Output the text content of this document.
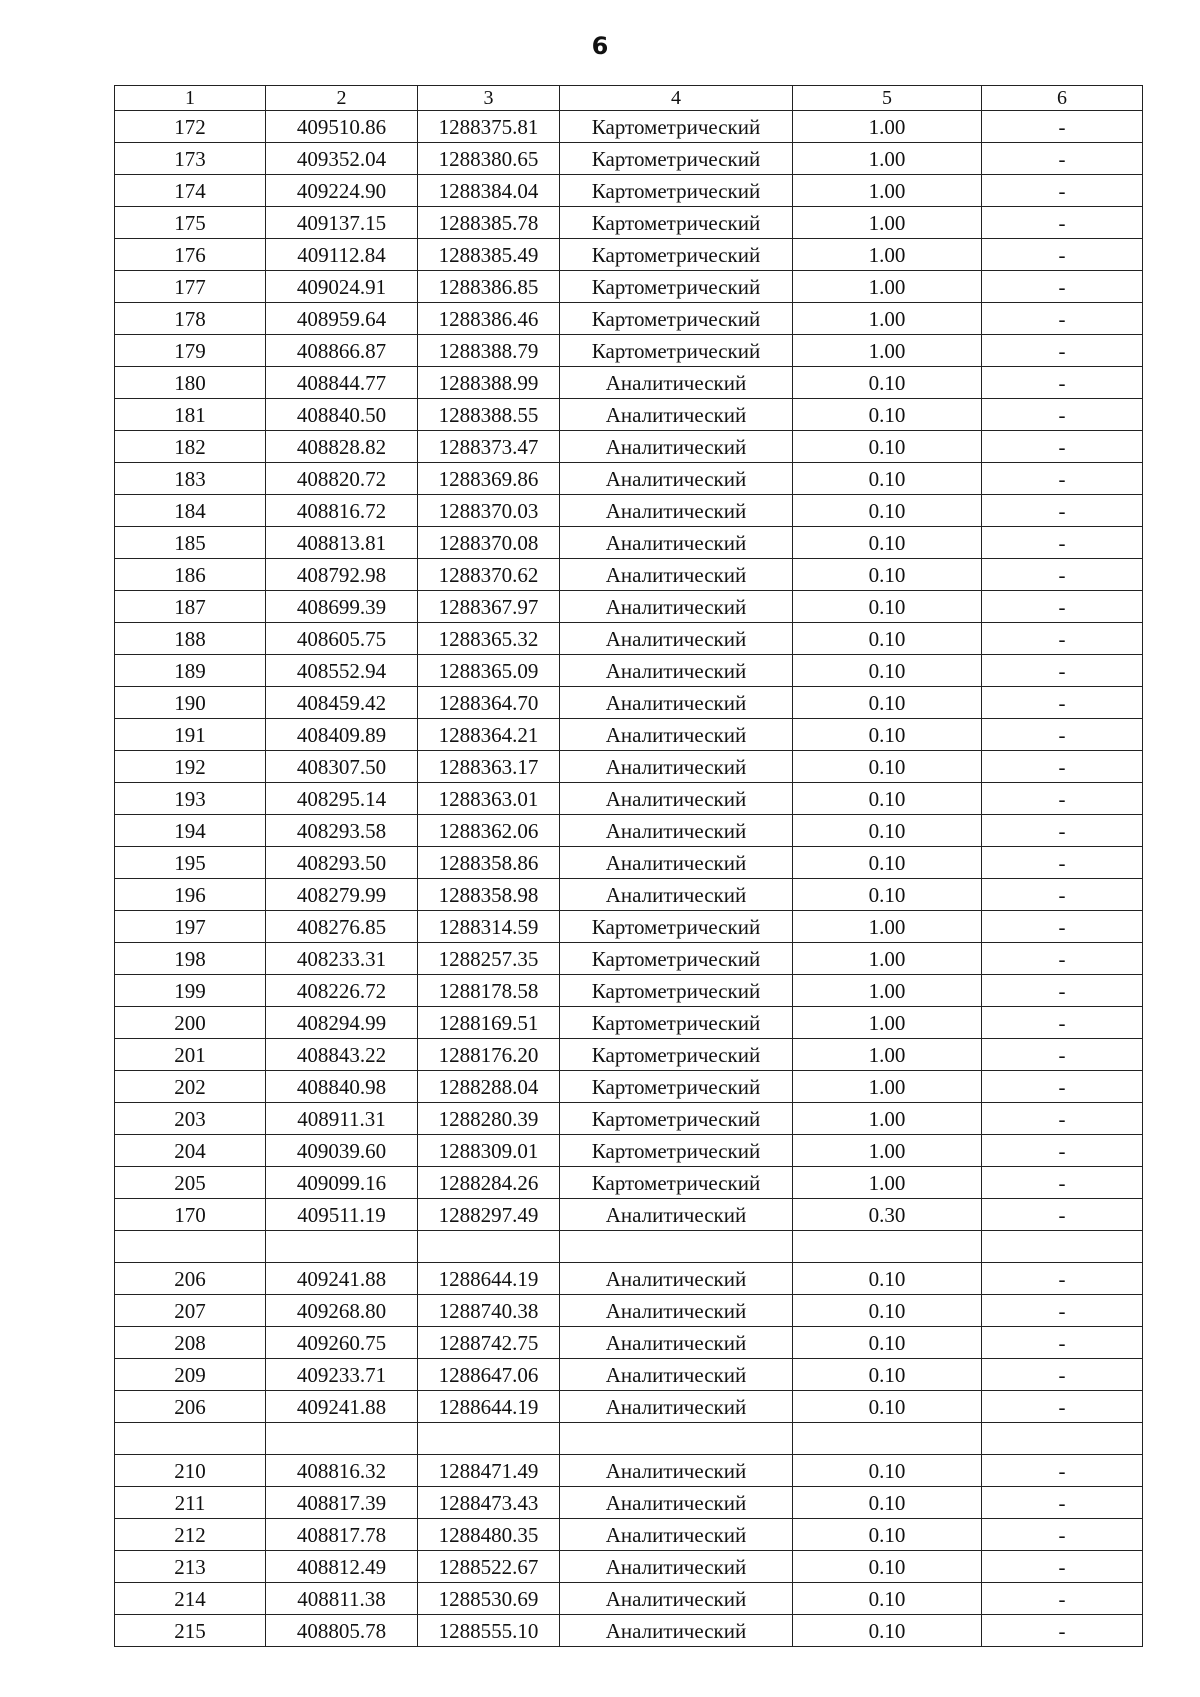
6
1	2	3	4	5	6
172	409510.86	1288375.81	Картометрический	1.00	-
173	409352.04	1288380.65	Картометрический	1.00	-
174	409224.90	1288384.04	Картометрический	1.00	-
175	409137.15	1288385.78	Картометрический	1.00	-
176	409112.84	1288385.49	Картометрический	1.00	-
177	409024.91	1288386.85	Картометрический	1.00	-
178	408959.64	1288386.46	Картометрический	1.00	-
179	408866.87	1288388.79	Картометрический	1.00	-
180	408844.77	1288388.99	Аналитический	0.10	-
181	408840.50	1288388.55	Аналитический	0.10	-
182	408828.82	1288373.47	Аналитический	0.10	-
183	408820.72	1288369.86	Аналитический	0.10	-
184	408816.72	1288370.03	Аналитический	0.10	-
185	408813.81	1288370.08	Аналитический	0.10	-
186	408792.98	1288370.62	Аналитический	0.10	-
187	408699.39	1288367.97	Аналитический	0.10	-
188	408605.75	1288365.32	Аналитический	0.10	-
189	408552.94	1288365.09	Аналитический	0.10	-
190	408459.42	1288364.70	Аналитический	0.10	-
191	408409.89	1288364.21	Аналитический	0.10	-
192	408307.50	1288363.17	Аналитический	0.10	-
193	408295.14	1288363.01	Аналитический	0.10	-
194	408293.58	1288362.06	Аналитический	0.10	-
195	408293.50	1288358.86	Аналитический	0.10	-
196	408279.99	1288358.98	Аналитический	0.10	-
197	408276.85	1288314.59	Картометрический	1.00	-
198	408233.31	1288257.35	Картометрический	1.00	-
199	408226.72	1288178.58	Картометрический	1.00	-
200	408294.99	1288169.51	Картометрический	1.00	-
201	408843.22	1288176.20	Картометрический	1.00	-
202	408840.98	1288288.04	Картометрический	1.00	-
203	408911.31	1288280.39	Картометрический	1.00	-
204	409039.60	1288309.01	Картометрический	1.00	-
205	409099.16	1288284.26	Картометрический	1.00	-
170	409511.19	1288297.49	Аналитический	0.30	-

206	409241.88	1288644.19	Аналитический	0.10	-
207	409268.80	1288740.38	Аналитический	0.10	-
208	409260.75	1288742.75	Аналитический	0.10	-
209	409233.71	1288647.06	Аналитический	0.10	-
206	409241.88	1288644.19	Аналитический	0.10	-

210	408816.32	1288471.49	Аналитический	0.10	-
211	408817.39	1288473.43	Аналитический	0.10	-
212	408817.78	1288480.35	Аналитический	0.10	-
213	408812.49	1288522.67	Аналитический	0.10	-
214	408811.38	1288530.69	Аналитический	0.10	-
215	408805.78	1288555.10	Аналитический	0.10	-
